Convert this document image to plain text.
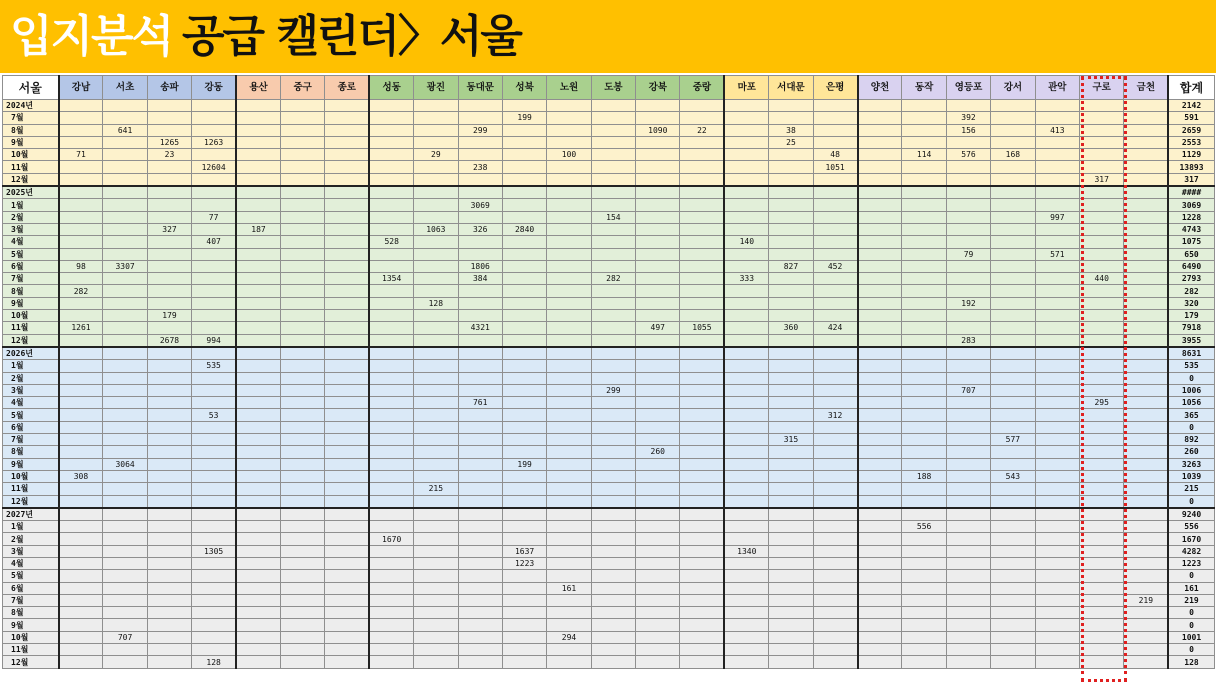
입지분석 공급 캘린더〉서울
서울	강남	서초	송파	강동	용산	중구	종로	성동	광진	동대문	성북	노원	도봉	강북	중랑	마포	서대문	은평	양천	동작	영등포	강서	관악	구로	금천	합계
2024년																										2142
7월											199										392					591
8월		641								299				1090	22		38				156		413			2659
9월			1265	1263													25									2553
10월	71		23						29			100						48		114	576	168				1129
11월				12604						238								1051								13893
12월																								317		317
2025년																										####
1월										3069																3069
2월				77									154										997			1228
3월			327		187				1063	326	2840															4743
4월				407				528								140										1075
5월																					79		571			650
6월	98	3307								1806							827	452								6490
7월								1354		384			282			333								440		2793
8월	282																									282
9월									128												192					320
10월			179																							179
11월	1261									4321				497	1055		360	424								7918
12월			2678	994																	283					3955
2026년																										8631
1월				535																						535
2월																										0
3월													299								707					1006
4월										761														295		1056
5월				53														312								365
6월																										0
7월																	315					577				892
8월														260												260
9월		3064									199															3263
10월	308																			188		543				1039
11월									215																	215
12월																										0
2027년																										9240
1월																				556						556
2월								1670																		1670
3월				1305							1637					1340										4282
4월											1223															1223
5월																										0
6월												161														161
7월																									219	219
8월																										0
9월																										0
10월		707										294														1001
11월																										0
12월				128																						128
